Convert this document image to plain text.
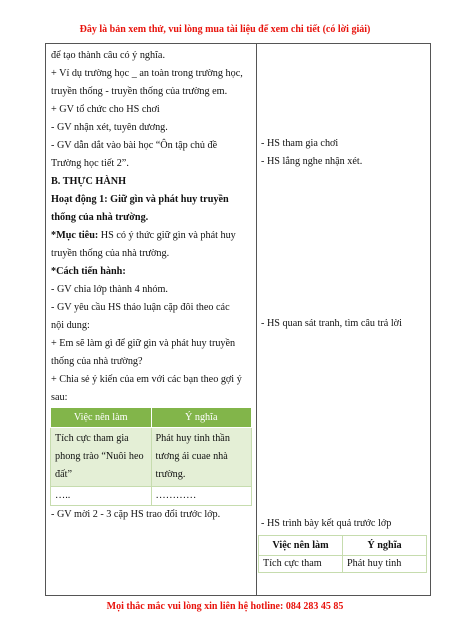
Đây là bản xem thử, vui lòng mua tài liệu để xem chi tiết (có lời giải)
để tạo thành câu có ý nghĩa.
+ Ví dụ trường học _ an toàn trong trường học,
truyền thống - truyền thống của trường em.
+ GV tổ chức cho HS chơi
- GV nhận xét, tuyên dương.
- GV dẫn dắt vào bài học “Ôn tập chủ đề
Trường học tiết 2”.
B. THỰC HÀNH
Hoạt động 1: Giữ gìn và phát huy truyền
thống của nhà trường.
*Mục tiêu: HS có ý thức giữ gìn và phát huy
truyền thống của nhà trường.
*Cách tiến hành:
- GV chia lớp thành 4 nhóm.
- GV yêu cầu HS thảo luận cặp đôi theo các
nội dung:
+ Em sẽ làm gì để giữ gìn và phát huy truyền
thống của nhà trường?
+ Chia sẻ ý kiến của em với các bạn theo gợi ý
sau:
Việc nên làm	Ý nghĩa
Tích cực tham gia phong trào “Nuôi heo đất”	Phát huy tinh thần tương ái cuae nhà trường.
…..	…………
- GV mời 2 - 3 cặp HS trao đổi trước lớp.
- HS tham gia chơi
- HS lắng nghe nhận xét.
- HS quan sát tranh, tìm câu trả lời
- HS trình bày kết quả trước lớp
Việc nên làm	Ý nghĩa
Tích cực tham	Phát huy tinh
Mọi thắc mắc vui lòng xin liên hệ hotline: 084 283 45 85
